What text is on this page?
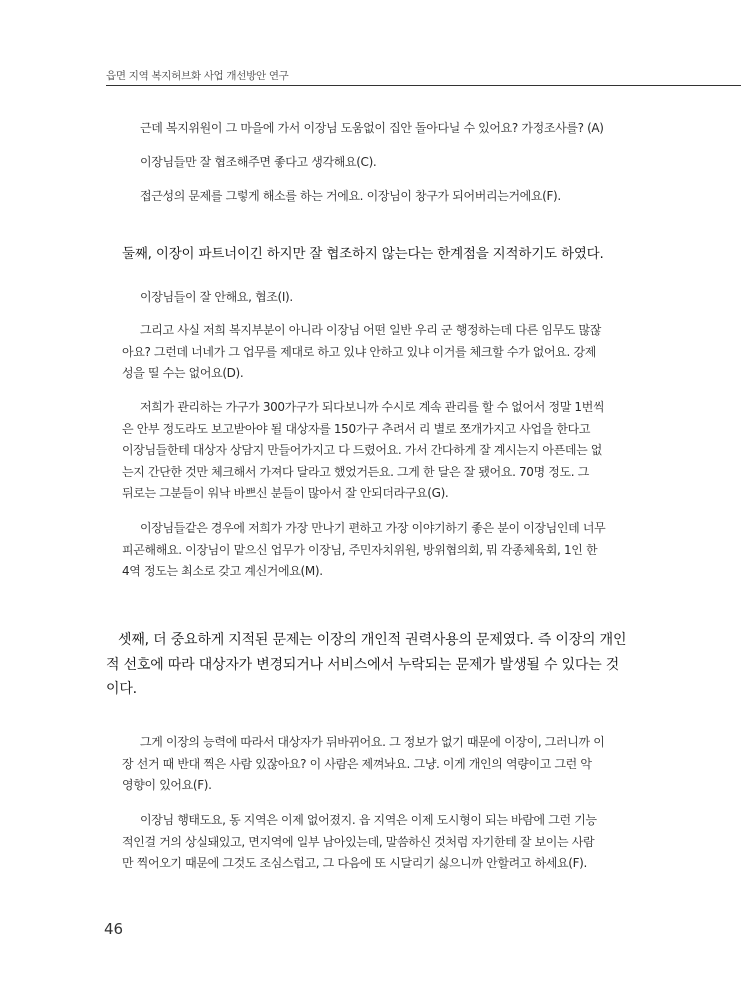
읍면 지역 복지허브화 사업 개선방안 연구
근데 복지위원이 그 마을에 가서 이장님 도움없이 집안 돌아다닐 수 있어요? 가정조사를? (A)
이장님들만 잘 협조해주면 좋다고 생각해요(C).
접근성의 문제를 그렇게 해소를 하는 거에요. 이장님이 창구가 되어버리는거에요(F).
둘째, 이장이 파트너이긴 하지만 잘 협조하지 않는다는 한계점을 지적하기도 하였다.
이장님들이 잘 안해요, 협조(I).
그리고 사실 저희 복지부분이 아니라 이장님 어떤 일반 우리 군 행정하는데 다른 임무도 많잖
아요? 그런데 너네가 그 업무를 제대로 하고 있냐 안하고 있냐 이거를 체크할 수가 없어요. 강제
성을 띨 수는 없어요(D).
저희가 관리하는 가구가 300가구가 되다보니까 수시로 계속 관리를 할 수 없어서 정말 1번씩
은 안부 정도라도 보고받아야 될 대상자를 150가구 추려서 리 별로 쪼개가지고 사업을 한다고
이장님들한테 대상자 상담지 만들어가지고 다 드렸어요. 가서 간다하게 잘 계시는지 아픈데는 없
는지 간단한 것만 체크해서 가져다 달라고 했었거든요. 그게 한 달은 잘 됐어요. 70명 정도. 그
뒤로는 그분들이 워낙 바쁘신 분들이 많아서 잘 안되더라구요(G).
이장님들같은 경우에 저희가 가장 만나기 편하고 가장 이야기하기 좋은 분이 이장님인데 너무
피곤해해요. 이장님이 맡으신 업무가 이장님, 주민자치위원, 방위협의회, 뭐 각종체육회, 1인 한
4역 정도는 최소로 갖고 계신거에요(M).
셋째, 더 중요하게 지적된 문제는 이장의 개인적 권력사용의 문제였다. 즉 이장의 개인
적 선호에 따라 대상자가 변경되거나 서비스에서 누락되는 문제가 발생될 수 있다는 것
이다.
그게 이장의 능력에 따라서 대상자가 뒤바뀌어요. 그 정보가 없기 때문에 이장이, 그러니까 이
장 선거 때 반대 찍은 사람 있잖아요? 이 사람은 제껴놔요. 그냥. 이게 개인의 역량이고 그런 악
영향이 있어요(F).
이장님 행태도요, 동 지역은 이제 없어졌지. 읍 지역은 이제 도시형이 되는 바람에 그런 기능
적인걸 거의 상실돼있고, 면지역에 일부 남아있는데, 말씀하신 것처럼 자기한테 잘 보이는 사람
만 찍어오기 때문에 그것도 조심스럽고, 그 다음에 또 시달리기 싫으니까 안할려고 하세요(F).
46
